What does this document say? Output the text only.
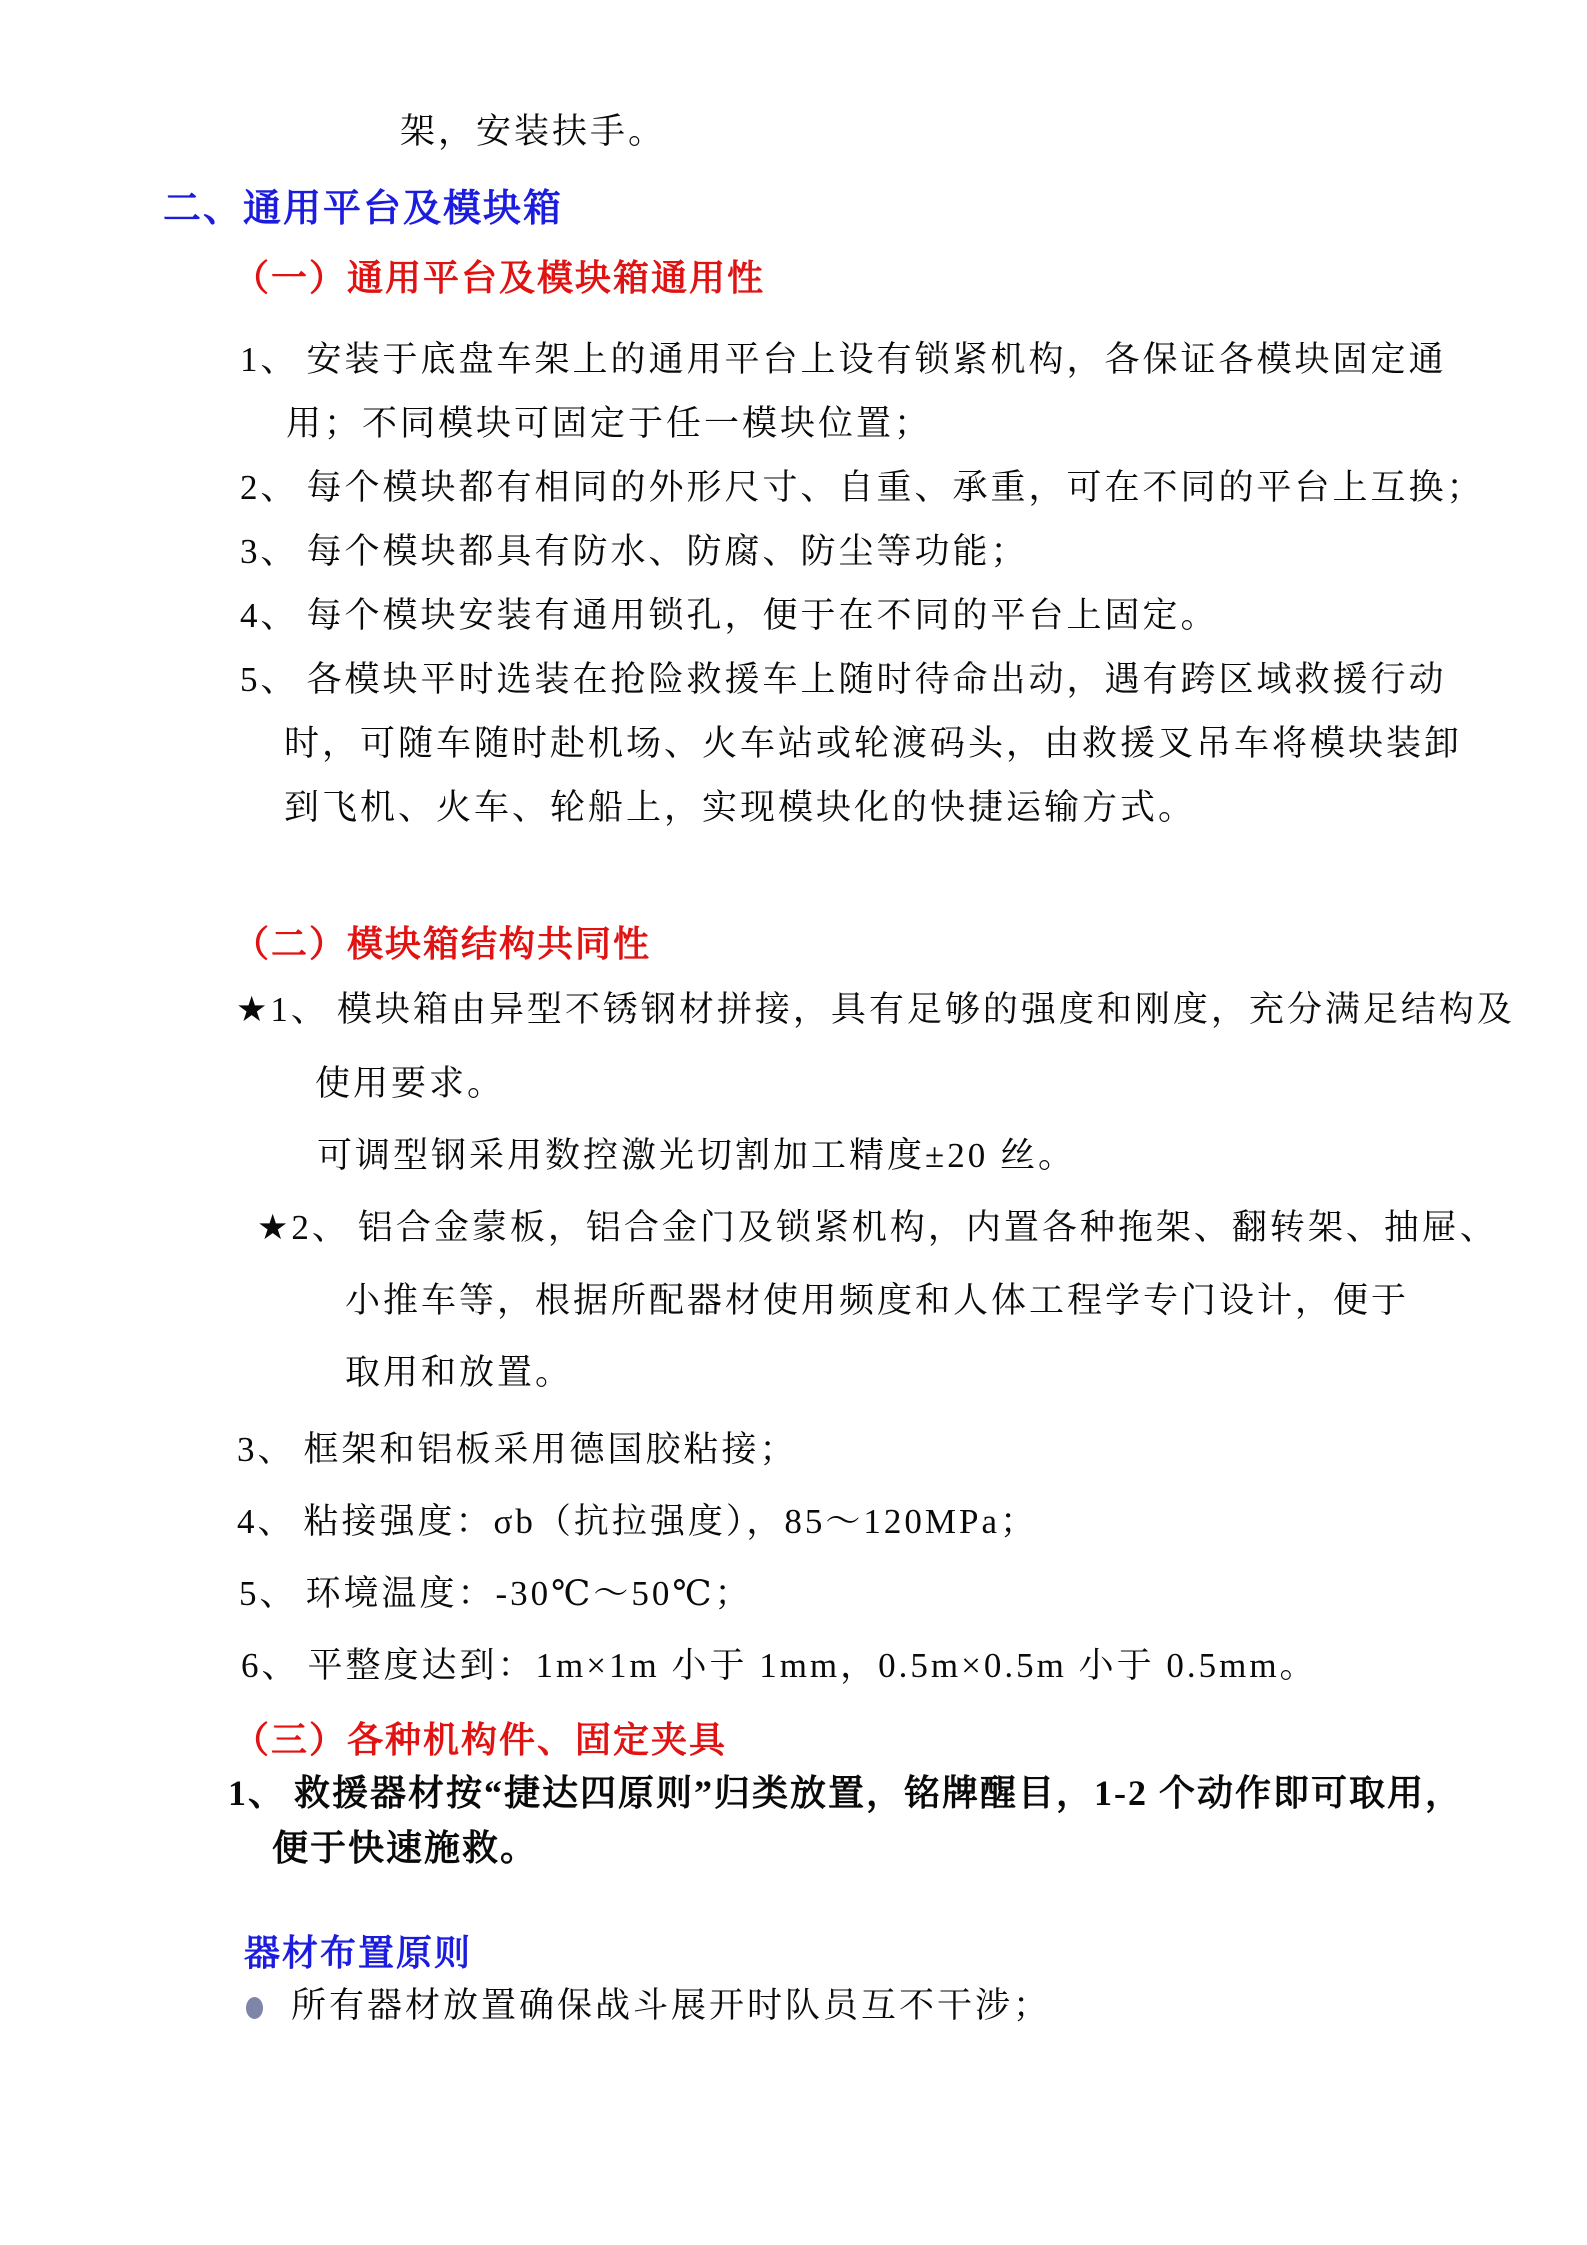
架，安装扶手。
二、通用平台及模块箱
（一）通用平台及模块箱通用性
1、 安装于底盘车架上的通用平台上设有锁紧机构，各保证各模块固定通
用；不同模块可固定于任一模块位置；
2、 每个模块都有相同的外形尺寸、自重、承重，可在不同的平台上互换；
3、 每个模块都具有防水、防腐、防尘等功能；
4、 每个模块安装有通用锁孔，便于在不同的平台上固定。
5、 各模块平时选装在抢险救援车上随时待命出动，遇有跨区域救援行动
时，可随车随时赴机场、火车站或轮渡码头，由救援叉吊车将模块装卸
到飞机、火车、轮船上，实现模块化的快捷运输方式。
（二）模块箱结构共同性
★1、 模块箱由异型不锈钢材拼接，具有足够的强度和刚度，充分满足结构及
使用要求。
可调型钢采用数控激光切割加工精度±20 丝。
★2、 铝合金蒙板，铝合金门及锁紧机构，内置各种拖架、翻转架、抽屉、
小推车等，根据所配器材使用频度和人体工程学专门设计，便于
取用和放置。
3、 框架和铝板采用德国胶粘接；
4、 粘接强度：σb（抗拉强度），85～120MPa；
5、 环境温度：-30℃～50℃；
6、 平整度达到：1m×1m 小于 1mm，0.5m×0.5m 小于 0.5mm。
（三）各种机构件、固定夹具
1、 救援器材按“捷达四原则”归类放置，铭牌醒目，1-2 个动作即可取用，
便于快速施救。
器材布置原则
所有器材放置确保战斗展开时队员互不干涉；
